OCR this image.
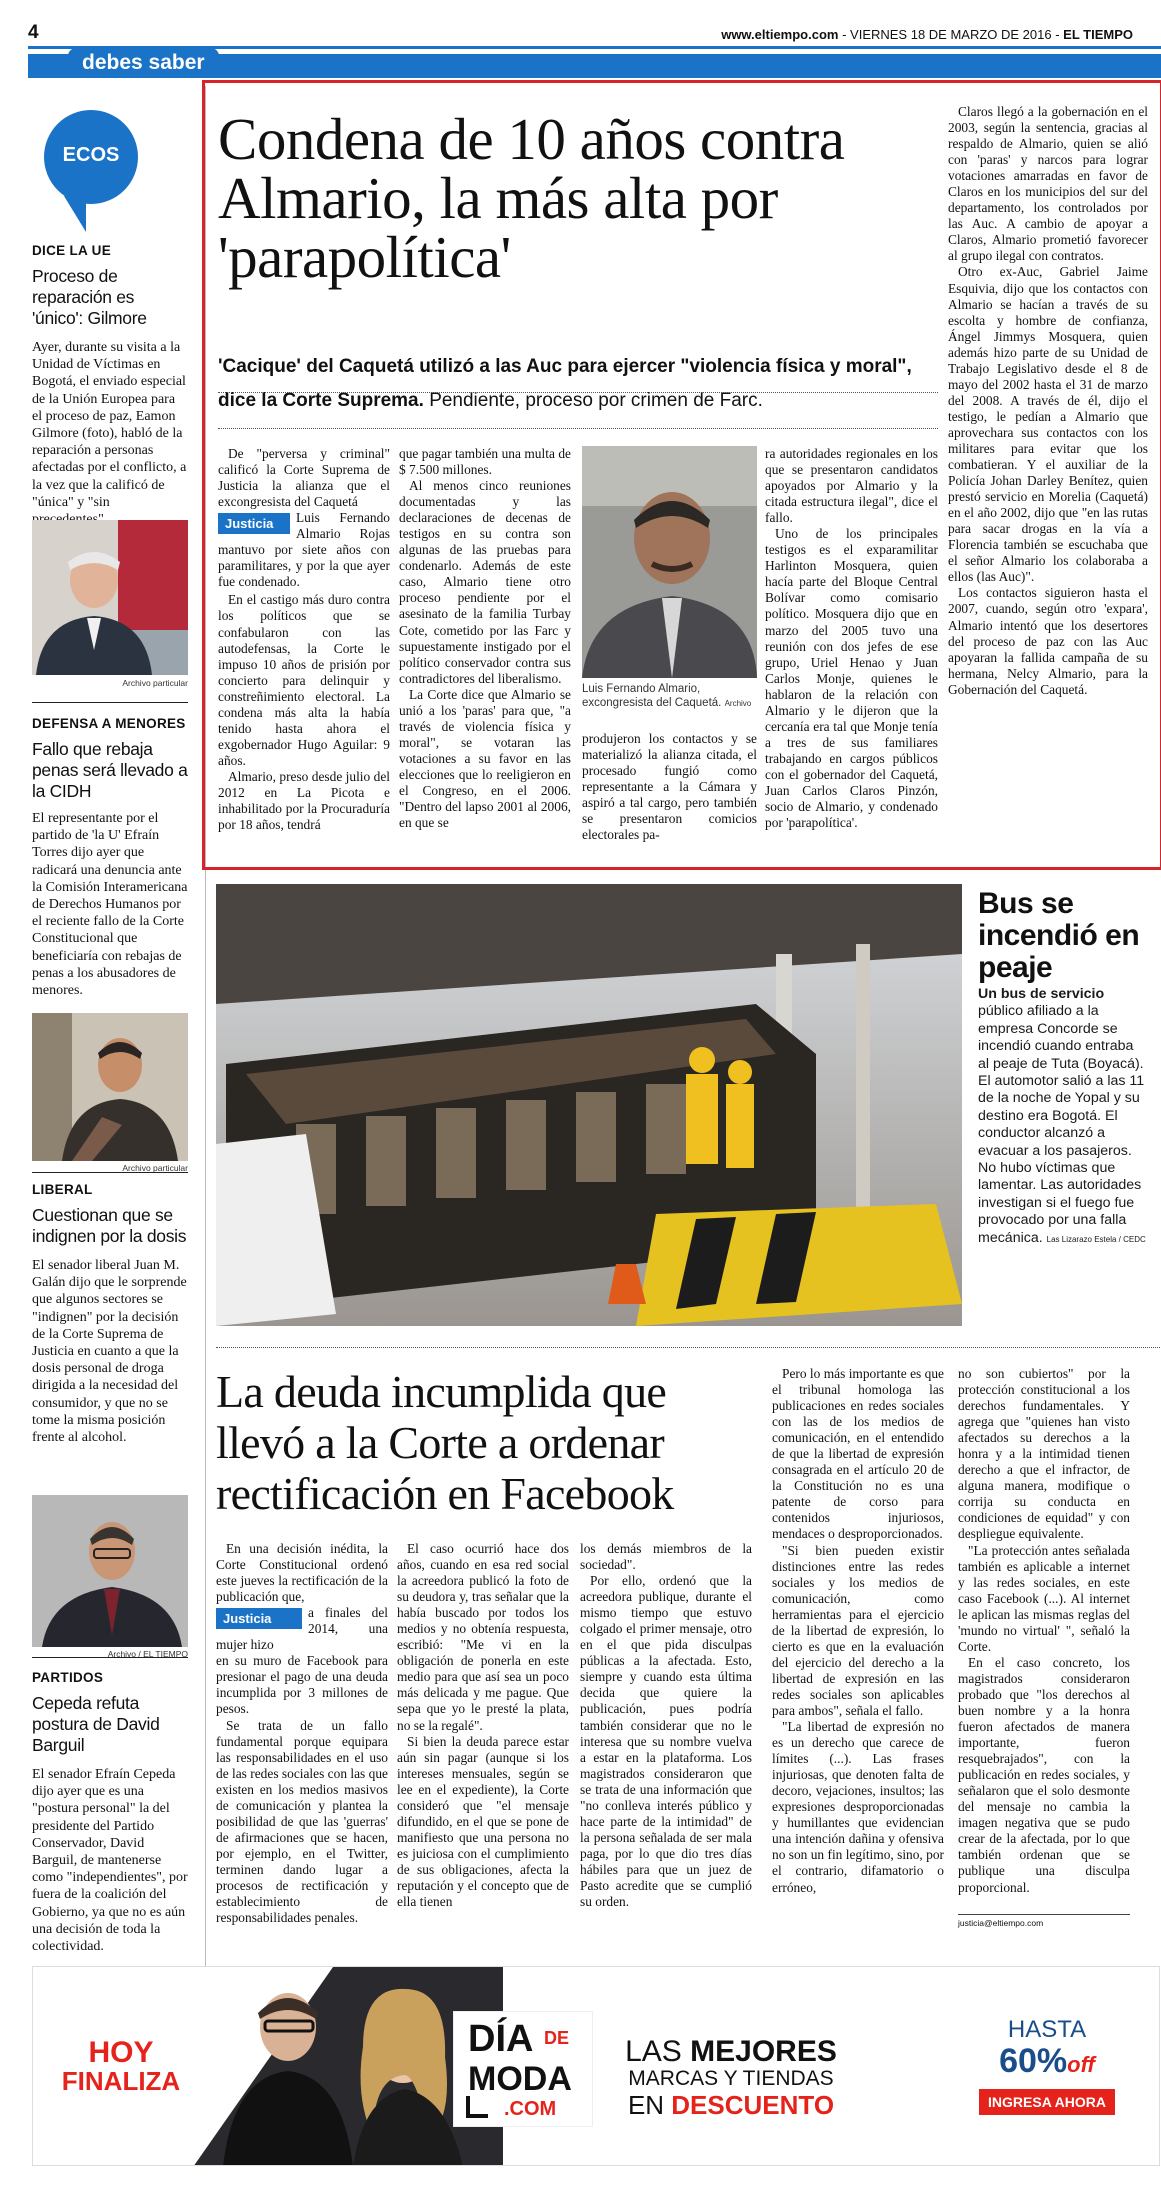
4	www.eltiempo.com - VIERNES 18 DE MARZO DE 2016 - EL TIEMPO
debes saber
ECOS
DICE LA UE
Proceso de reparación es 'único': Gilmore
Ayer, durante su visita a la Unidad de Víctimas en Bogotá, el enviado especial de la Unión Europea para el proceso de paz, Eamon Gilmore (foto), habló de la reparación a personas afectadas por el conflicto, a la vez que la calificó de "única" y "sin
Archivo particular
DEFENSA A MENORES
Fallo que rebaja penas será llevado a la CIDH
El representante por el partido de 'la U' Efraín Torres dijo ayer que radicará una denuncia ante la Comisión Interamericana de Derechos Humanos por el reciente fallo de la Corte Constitucional que beneficiaría con rebajas de penas a los abusadores de menores.
Archivo particular
LIBERAL
Cuestionan que se indignen por la dosis
El senador liberal Juan M. Galán dijo que le sorprende que algunos sectores se "indignen" por la decisión de la Corte Suprema de Justicia en cuanto a que la dosis personal de droga dirigida a la necesidad del consumidor, y que no se tome la misma posición frente al alcohol.
Archivo / EL TIEMPO
PARTIDOS
Cepeda refuta postura de David Barguil
El senador Efraín Cepeda dijo ayer que es una "postura personal" la del presidente del Partido Conservador, David Barguil, de mantenerse como "independientes", por fuera de la coalición del Gobierno, ya que no es aún una decisión de toda la colectividad.
Condena de 10 años contra Almario, la más alta por 'parapolítica'
'Cacique' del Caquetá utilizó a las Auc para ejercer "violencia física y moral", dice la Corte Suprema. Pendiente, proceso por crimen de Farc.

De "perversa y criminal" calificó la Corte Suprema de Justicia la alianza que el excongresista del Caquetá

Justicia	Luis Fernando Almario Rojas mantuvo por siete años con paramilitares, y por la que ayer fue condenado.

En el castigo más duro contra los políticos que se confabularon con las autodefensas, la Corte le impuso 10 años de prisión por concierto para delinquir y constreñimiento electoral. La condena más alta la había tenido hasta ahora el exgobernador Hugo Aguilar: 9 años.

Almario, preso desde julio del 2012 en La Picota e inhabilitado por la Procuraduría por 18 años, tendrá

que pagar también una multa de $ 7.500 millones.

Al menos cinco reuniones documentadas y las declaraciones de decenas de testigos en su contra son algunas de las pruebas para condenarlo. Además de este caso, Almario tiene otro proceso pendiente por el asesinato de la familia Turbay Cote, cometido por las Farc y supuestamente instigado por el político conservador contra sus contradictores del liberalismo.

La Corte dice que Almario se unió a los 'paras' para que, "a través de violencia física y moral", se votaran las votaciones a su favor en las elecciones que lo reeligieron en el Congreso, en el 2006. "Dentro del lapso 2001 al 2006, en que se

Luis Fernando Almario, excongresista del Caquetá. Archivo

produjeron los contactos y se materializó la alianza citada, el procesado fungió como representante a la Cámara y aspiró a tal cargo, pero también se presentaron comicios electorales pa-

ra autoridades regionales en los que se presentaron candidatos apoyados por Almario y la citada estructura ilegal", dice el fallo.

Uno de los principales testigos es el exparamilitar Harlinton Mosquera, quien hacía parte del Bloque Central Bolívar como comisario político. Mosquera dijo que en marzo del 2005 tuvo una reunión con dos jefes de ese grupo, Uriel Henao y Juan Carlos Monje, quienes le hablaron de la relación con Almario y le dijeron que la cercanía era tal que Monje tenía a tres de sus familiares trabajando en cargos públicos con el gobernador del Caquetá, Juan Carlos Claros Pinzón, socio de Almario, y condenado por 'parapolítica'.

Claros llegó a la gobernación en el 2003, según la sentencia, gracias al respaldo de Almario, quien se alió con 'paras' y narcos para lograr votaciones amarradas en favor de Claros en los municipios del sur del departamento, los controlados por las Auc. A cambio de apoyar a Claros, Almario prometió favorecer al grupo ilegal con contratos.

Otro ex-Auc, Gabriel Jaime Esquivia, dijo que los contactos con Almario se hacían a través de su escolta y hombre de confianza, Ángel Jimmys Mosquera, quien además hizo parte de su Unidad de Trabajo Legislativo desde el 8 de mayo del 2002 hasta el 31 de marzo del 2008. A través de él, dijo el testigo, le pedían a Almario que aprovechara sus contactos con los militares para evitar que los combatieran. Y el auxiliar de la Policía Johan Darley Benítez, quien prestó servicio en Morelia (Caquetá) en el año 2002, dijo que "en las rutas para sacar drogas en la vía a Florencia también se escuchaba que el señor Almario los colaboraba a ellos (las Auc)".

Los contactos siguieron hasta el 2007, cuando, según otro 'expara', Almario intentó que los desertores del proceso de paz con las Auc apoyaran la fallida campaña de su hermana, Nelcy Almario, para la Gobernación del Caquetá.

Bus se incendió en peaje
Un bus de servicio público afiliado a la empresa Concorde se incendió cuando entraba al peaje de Tuta (Boyacá). El automotor salió a las 11 de la noche de Yopal y su destino era Bogotá. El conductor alcanzó a evacuar a los pasajeros. No hubo víctimas que lamentar. Las autoridades investigan si el fuego fue provocado por una falla mecánica. Las Lizarazo Estela / CEDC
La deuda incumplida que llevó a la Corte a ordenar rectificación en Facebook

En una decisión inédita, la Corte Constitucional ordenó este jueves la rectificación de la publicación que,

Justicia	a finales del 2014, una mujer hizo

en su muro de Facebook para presionar el pago de una deuda incumplida por 3 millones de pesos.

Se trata de un fallo fundamental porque equipara las responsabilidades en el uso de las redes sociales con las que existen en los medios masivos de comunicación y plantea la posibilidad de que las 'guerras' de afirmaciones que se hacen, por ejemplo, en el Twitter, terminen dando lugar a procesos de rectificación y establecimiento de responsabilidades penales.

El caso ocurrió hace dos años, cuando en esa red social la acreedora publicó la foto de su deudora y, tras señalar que la había buscado por todos los medios y no obtenía respuesta, escribió: "Me vi en la obligación de ponerla en este medio para que así sea un poco más delicada y me pague. Que sepa que yo le presté la plata, no se la regalé".

Si bien la deuda parece estar aún sin pagar (aunque si los intereses mensuales, según se lee en el expediente), la Corte consideró que "el mensaje difundido, en el que se pone de manifiesto que una persona no es juiciosa con el cumplimiento de sus obligaciones, afecta la reputación y el concepto que de ella tienen

los demás miembros de la sociedad".

Por ello, ordenó que la acreedora publique, durante el mismo tiempo que estuvo colgado el primer mensaje, otro en el que pida disculpas públicas a la afectada. Esto, siempre y cuando esta última decida que quiere la publicación, pues podría también considerar que no le interesa que su nombre vuelva a estar en la plataforma. Los magistrados consideraron que se trata de una información que "no conlleva interés público y hace parte de la intimidad" de la persona señalada de ser mala paga, por lo que dio tres días hábiles para que un juez de Pasto acredite que se cumplió su orden.

Pero lo más importante es que el tribunal homologa las publicaciones en redes sociales con las de los medios de comunicación, en el entendido de que la libertad de expresión consagrada en el artículo 20 de la Constitución no es una patente de corso para contenidos injuriosos, mendaces o desproporcionados.

"Si bien pueden existir distinciones entre las redes sociales y los medios de comunicación, como herramientas para el ejercicio de la libertad de expresión, lo cierto es que en la evaluación del ejercicio del derecho a la libertad de expresión en las redes sociales son aplicables para ambos", señala el fallo.

"La libertad de expresión no es un derecho que carece de límites (...). Las frases injuriosas, que denoten falta de decoro, vejaciones, insultos; las expresiones desproporcionadas y humillantes que evidencian una intención dañina y ofensiva no son un fin legítimo, sino, por el contrario, difamatorio o erróneo,

no son cubiertos" por la protección constitucional a los derechos fundamentales. Y agrega que "quienes han visto afectados su derechos a la honra y a la intimidad tienen derecho a que el infractor, de alguna manera, modifique o corrija su conducta en condiciones de equidad" y con despliegue equivalente.

"La protección antes señalada también es aplicable a internet y las redes sociales, en este caso Facebook (...). Al internet le aplican las mismas reglas del 'mundo no virtual' ", señaló la Corte.

En el caso concreto, los magistrados consideraron probado que "los derechos al buen nombre y a la honra fueron afectados de manera importante, fueron resquebrajados", con la publicación en redes sociales, y señalaron que el solo desmonte del mensaje no cambia la imagen negativa que se pudo crear de la afectada, por lo que también ordenan que se publique una disculpa proporcional.

justicia@eltiempo.com
HOY
FINALIZA
DÍA DE
MODA
.COM
LAS MEJORES
MARCAS Y TIENDAS
EN DESCUENTO
HASTA
60%off
INGRESA AHORA
